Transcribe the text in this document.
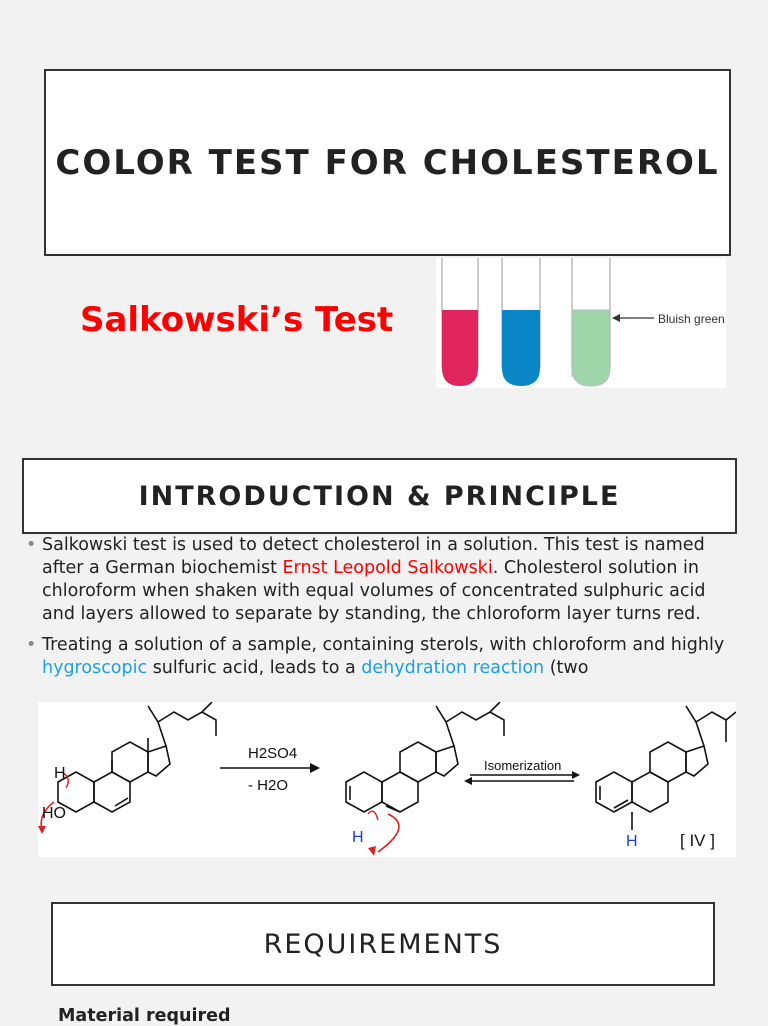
COLOR TEST FOR CHOLESTEROL
Salkowski’s Test	Bluish green
INTRODUCTION & PRINCIPLE
• Salkowski test is used to detect cholesterol in a solution. This test is named after a German biochemist Ernst Leopold Salkowski. Cholesterol solution in chloroform when shaken with equal volumes of concentrated sulphuric acid and layers allowed to separate by standing, the chloroform layer turns red.
• Treating a solution of a sample, containing sterols, with chloroform and highly hygroscopic sulfuric acid, leads to a dehydration reaction (two
H
HO
H2SO4
- H2O
Isomerization
H	H [ IV ]
REQUIREMENTS
Material required
